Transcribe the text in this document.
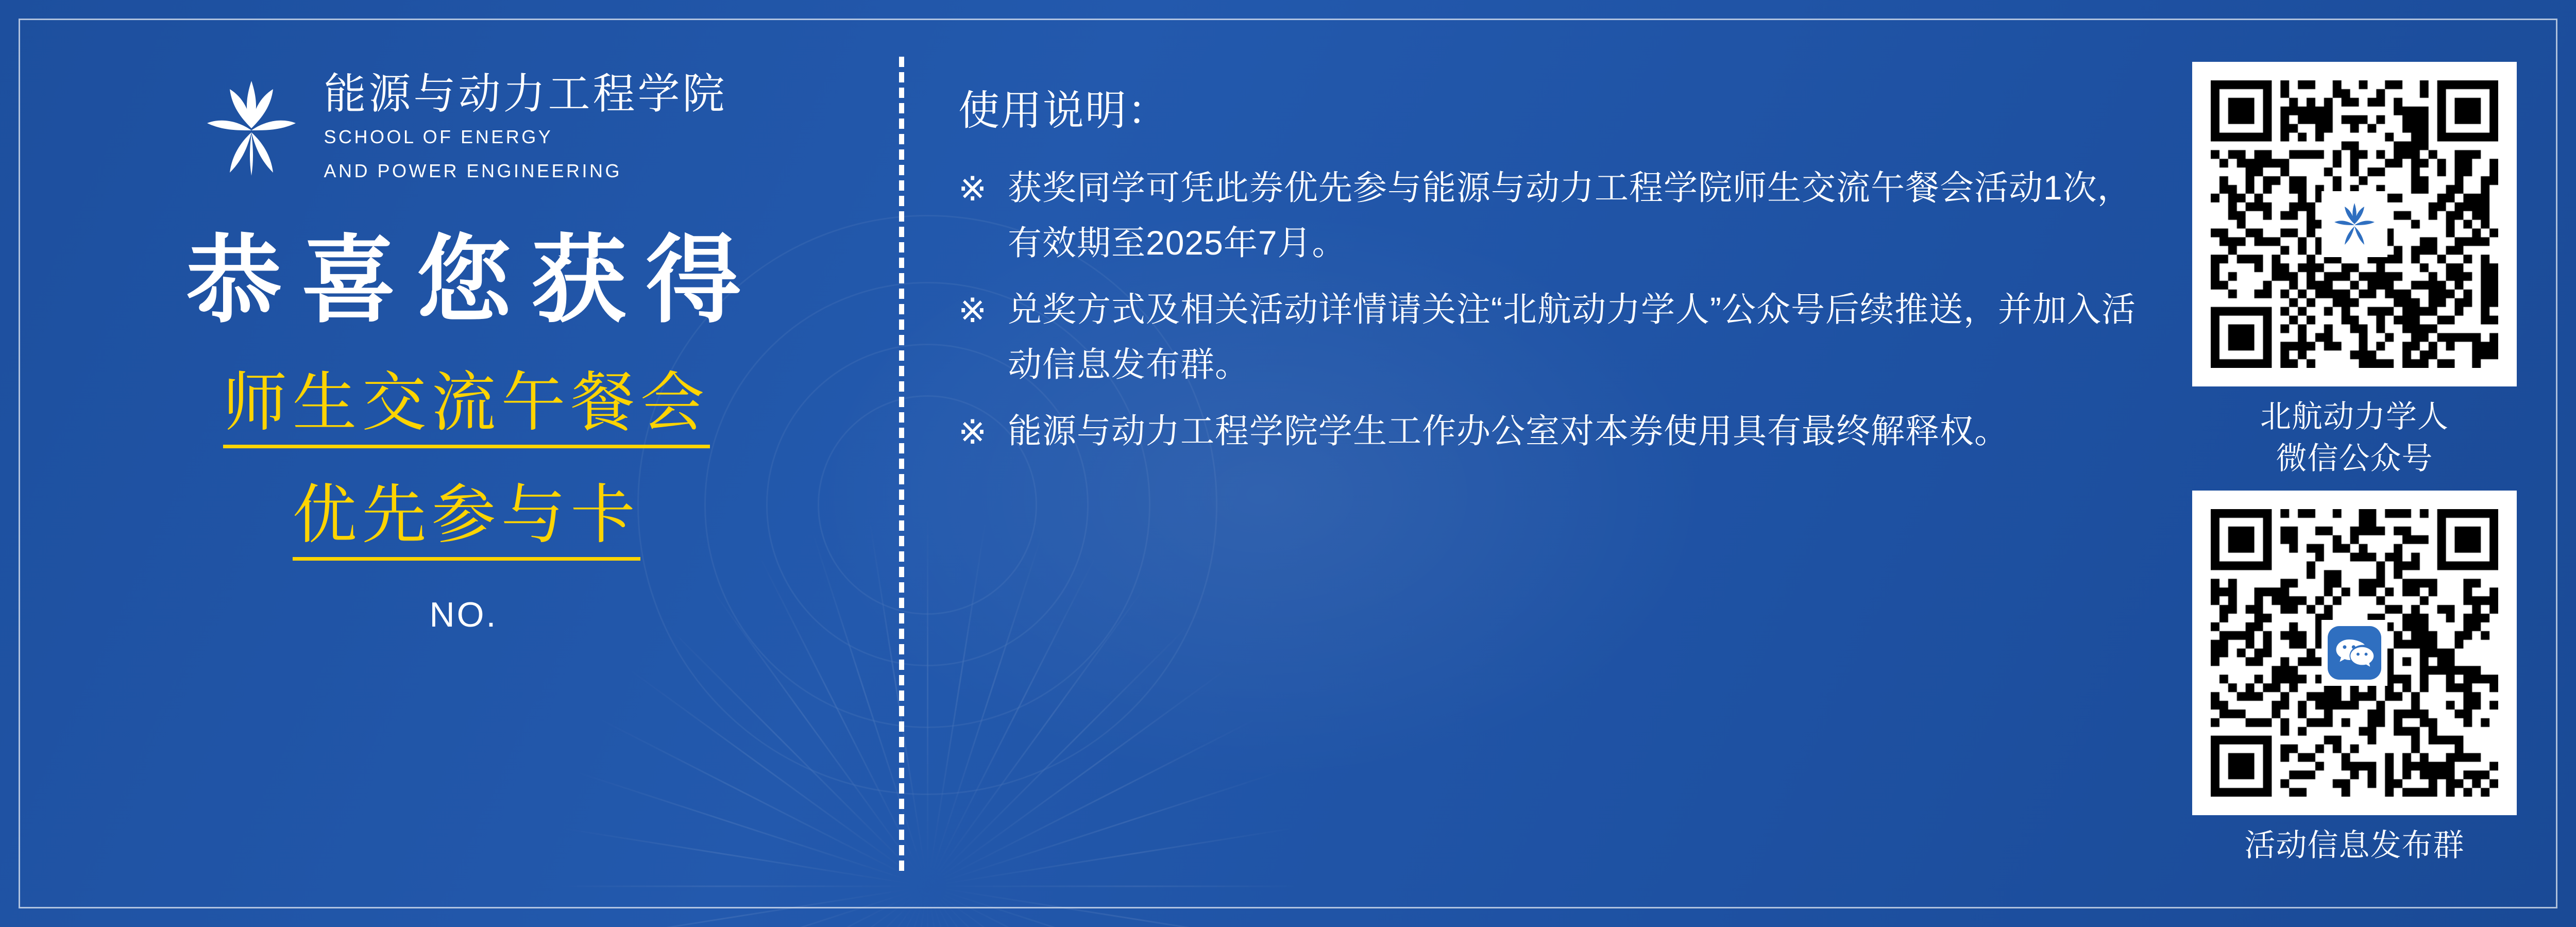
能源与动力工程学院
SCHOOL OF ENERGY
AND POWER ENGINEERING
恭喜您获得
师生交流午餐会
优先参与卡
NO.
使用说明：
※ 获奖同学可凭此券优先参与能源与动力工程学院师生交流午餐会活动1次，有效期至2025年7月。
※ 兑奖方式及相关活动详情请关注“北航动力学人”公众号后续推送，并加入活动信息发布群。
※ 能源与动力工程学院学生工作办公室对本券使用具有最终解释权。	北航动力学人
微信公众号
活动信息发布群
